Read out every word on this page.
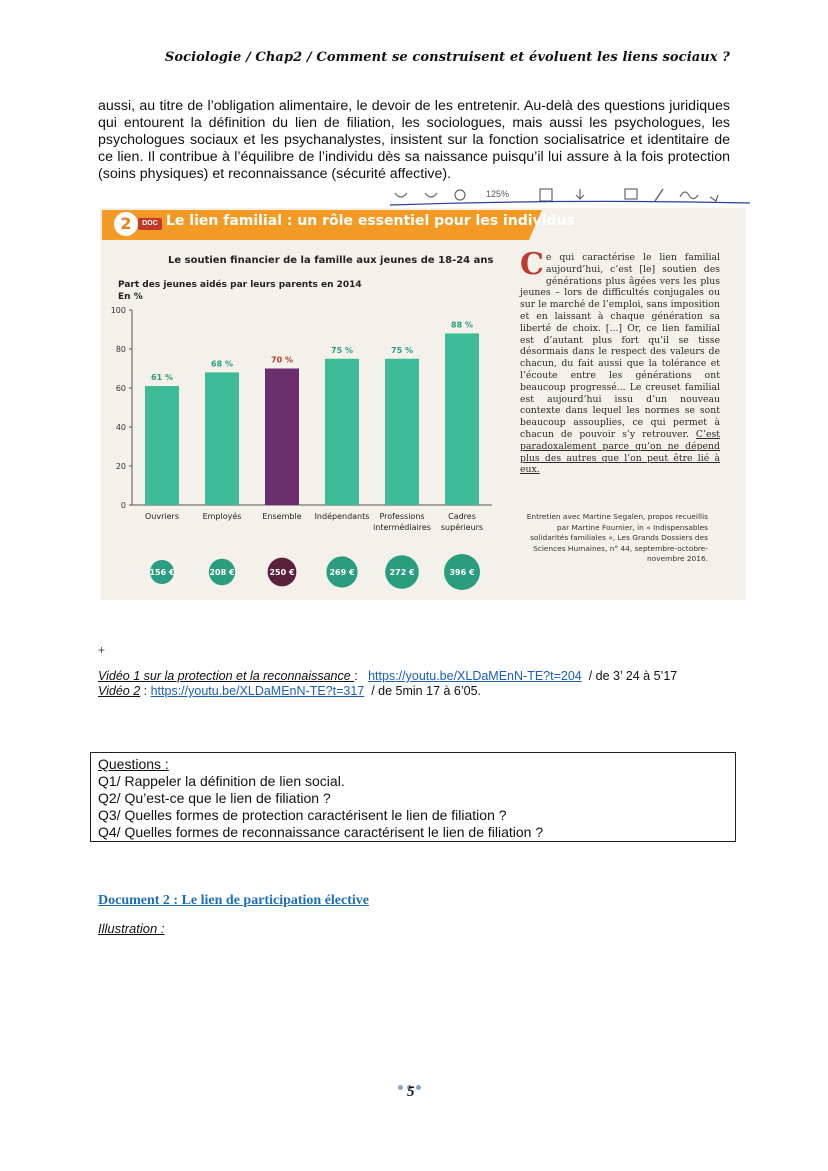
Sociologie / Chap2 / Comment se construisent et évoluent les liens sociaux ?

aussi, au titre de l’obligation alimentaire, le devoir de les entretenir. Au-delà des questions juridiques qui entourent la définition du lien de filiation, les sociologues, mais aussi les psychologues, les psychologues sociaux et les psychanalystes, insistent sur la fonction socialisatrice et identitaire de ce lien. Il contribue à l’équilibre de l’individu dès sa naissance puisqu’il lui assure à la fois protection (soins physiques) et reconnaissance (sécurité affective).

125%
2	DOC Le lien familial : un rôle essentiel pour les individus
Le soutien financier de la famille aux jeunes de 18-24 ans
Part des jeunes aidés par leurs parents en 2014
En %
0
20
40
60
80
100
61 %
Ouvriers
156 €
68 %
Employés
208 €
70 %
Ensemble
250 €
75 %
Indépendants
269 €
75 %
Professions
intermédiaires
272 €
88 %
Cadres
supérieurs
396 €
Ce qui caractérise le lien familial aujourd’hui, c’est [le] soutien des générations plus âgées vers les plus jeunes – lors de difficultés conjugales ou sur le marché de l’emploi, sans imposition et en laissant à chaque génération sa liberté de choix. [...] Or, ce lien familial est d’autant plus fort qu’il se tisse désormais dans le respect des valeurs de chacun, du fait aussi que la tolérance et l’écoute entre les générations ont beaucoup progressé... Le creuset familial est aujourd’hui issu d’un nouveau contexte dans lequel les normes se sont beaucoup assouplies, ce qui permet à chacun de pouvoir s’y retrouver. C’est paradoxalement parce qu’on ne dépend plus des autres que l’on peut être lié à eux.
Entretien avec Martine Segalen, propos recueillis par Martine Fournier, in « Indispensables solidarités familiales », Les Grands Dossiers des Sciences Humaines, n° 44, septembre-octobre-novembre 2016.
+
Vidéo 1 sur la protection et la reconnaissance : https://youtu.be/XLDaMEnN-TE?t=204  / de 3’ 24 à 5’17
Vidéo 2 : https://youtu.be/XLDaMEnN-TE?t=317  / de 5min 17 à 6’05.
Questions :
Q1/ Rappeler la définition de lien social.
Q2/ Qu’est-ce que le lien de filiation ?
Q3/ Quelles formes de protection caractérisent le lien de filiation ?
Q4/ Quelles formes de reconnaissance caractérisent le lien de filiation ?
Document 2 : Le lien de participation élective
Illustration :
5
